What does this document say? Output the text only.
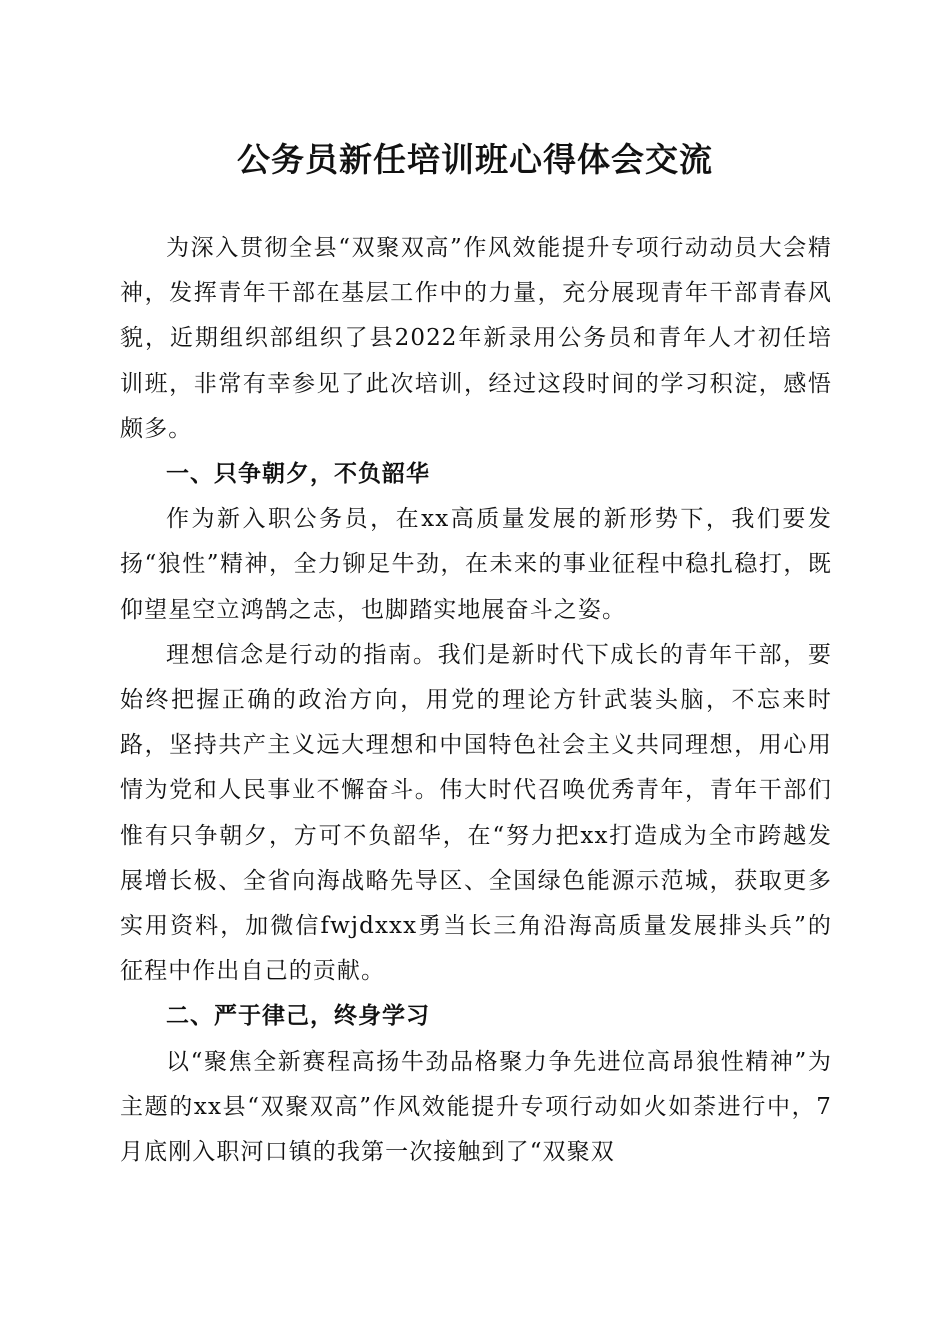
公务员新任培训班心得体会交流

为深入贯彻全县“双聚双高”作风效能提升专项行动动员大会精神，发挥青年干部在基层工作中的力量，充分展现青年干部青春风貌，近期组织部组织了县2022年新录用公务员和青年人才初任培训班，非常有幸参见了此次培训，经过这段时间的学习积淀，感悟颇多。

一、只争朝夕，不负韶华

作为新入职公务员，在xx高质量发展的新形势下，我们要发扬“狼性”精神，全力铆足牛劲，在未来的事业征程中稳扎稳打，既仰望星空立鸿鹄之志，也脚踏实地展奋斗之姿。

理想信念是行动的指南。我们是新时代下成长的青年干部，要始终把握正确的政治方向，用党的理论方针武装头脑，不忘来时路，坚持共产主义远大理想和中国特色社会主义共同理想，用心用情为党和人民事业不懈奋斗。伟大时代召唤优秀青年，青年干部们惟有只争朝夕，方可不负韶华，在“努力把xx打造成为全市跨越发展增长极、全省向海战略先导区、全国绿色能源示范城，获取更多实用资料，加微信fwjdxxx勇当长三角沿海高质量发展排头兵”的征程中作出自己的贡献。

二、严于律己，终身学习

以“聚焦全新赛程高扬牛劲品格聚力争先进位高昂狼性精神”为主题的xx县“双聚双高”作风效能提升专项行动如火如荼进行中，7月底刚入职河口镇的我第一次接触到了“双聚双
